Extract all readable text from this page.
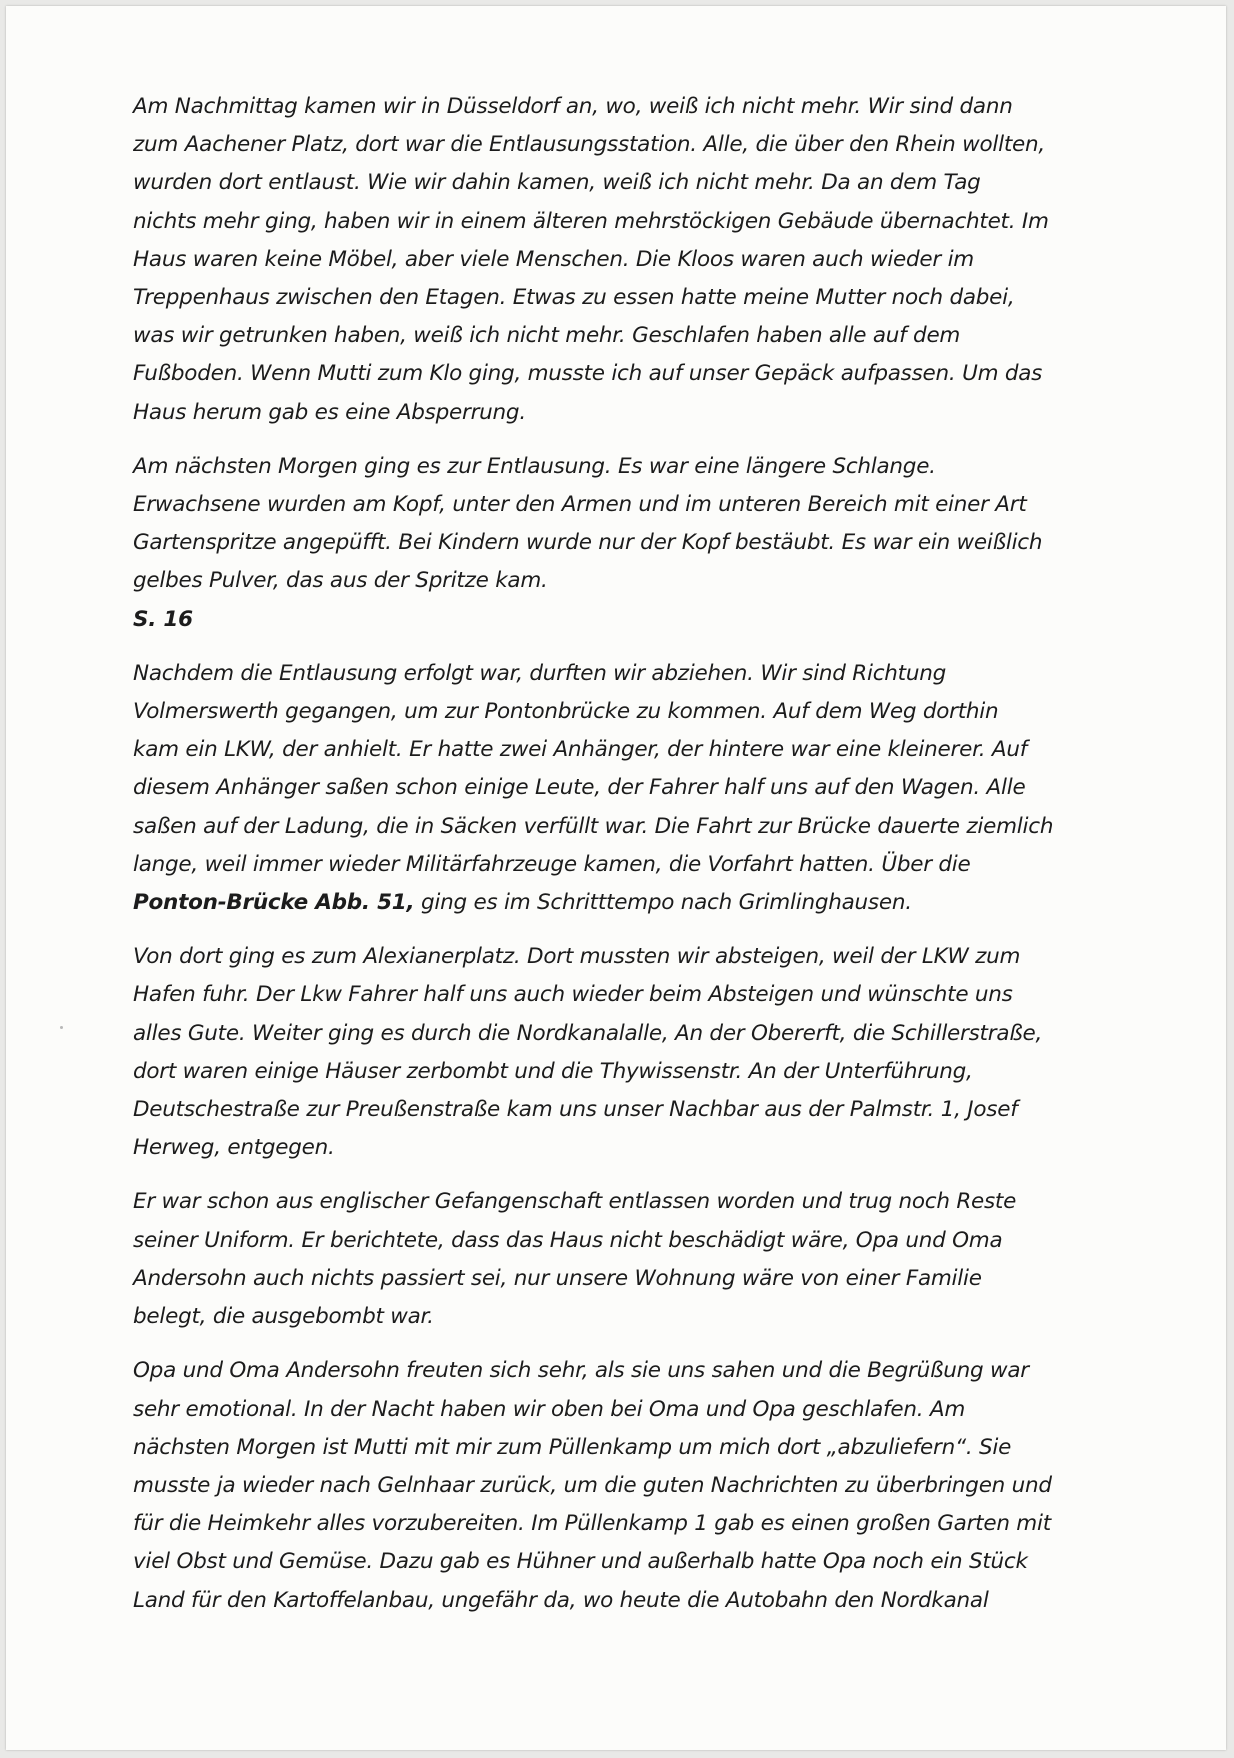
Am Nachmittag kamen wir in Düsseldorf an, wo, weiß ich nicht mehr. Wir sind dann
zum Aachener Platz, dort war die Entlausungsstation. Alle, die über den Rhein wollten,
wurden dort entlaust. Wie wir dahin kamen, weiß ich nicht mehr. Da an dem Tag
nichts mehr ging, haben wir in einem älteren mehrstöckigen Gebäude übernachtet. Im
Haus waren keine Möbel, aber viele Menschen. Die Kloos waren auch wieder im
Treppenhaus zwischen den Etagen. Etwas zu essen hatte meine Mutter noch dabei,
was wir getrunken haben, weiß ich nicht mehr. Geschlafen haben alle auf dem
Fußboden. Wenn Mutti zum Klo ging, musste ich auf unser Gepäck aufpassen. Um das
Haus herum gab es eine Absperrung.
Am nächsten Morgen ging es zur Entlausung. Es war eine längere Schlange.
Erwachsene wurden am Kopf, unter den Armen und im unteren Bereich mit einer Art
Gartenspritze angepüfft. Bei Kindern wurde nur der Kopf bestäubt. Es war ein weißlich
gelbes Pulver, das aus der Spritze kam.
S. 16
Nachdem die Entlausung erfolgt war, durften wir abziehen. Wir sind Richtung
Volmerswerth gegangen, um zur Pontonbrücke zu kommen. Auf dem Weg dorthin
kam ein LKW, der anhielt. Er hatte zwei Anhänger, der hintere war eine kleinerer. Auf
diesem Anhänger saßen schon einige Leute, der Fahrer half uns auf den Wagen. Alle
saßen auf der Ladung, die in Säcken verfüllt war. Die Fahrt zur Brücke dauerte ziemlich
lange, weil immer wieder Militärfahrzeuge kamen, die Vorfahrt hatten. Über die
Ponton-Brücke Abb. 51, ging es im Schritttempo nach Grimlinghausen.
Von dort ging es zum Alexianerplatz. Dort mussten wir absteigen, weil der LKW zum
Hafen fuhr. Der Lkw Fahrer half uns auch wieder beim Absteigen und wünschte uns
alles Gute. Weiter ging es durch die Nordkanalalle, An der Obererft, die Schillerstraße,
dort waren einige Häuser zerbombt und die Thywissenstr. An der Unterführung,
Deutschestraße zur Preußenstraße kam uns unser Nachbar aus der Palmstr. 1, Josef
Herweg, entgegen.
Er war schon aus englischer Gefangenschaft entlassen worden und trug noch Reste
seiner Uniform. Er berichtete, dass das Haus nicht beschädigt wäre, Opa und Oma
Andersohn auch nichts passiert sei, nur unsere Wohnung wäre von einer Familie
belegt, die ausgebombt war.
Opa und Oma Andersohn freuten sich sehr, als sie uns sahen und die Begrüßung war
sehr emotional. In der Nacht haben wir oben bei Oma und Opa geschlafen. Am
nächsten Morgen ist Mutti mit mir zum Püllenkamp um mich dort „abzuliefern“. Sie
musste ja wieder nach Gelnhaar zurück, um die guten Nachrichten zu überbringen und
für die Heimkehr alles vorzubereiten. Im Püllenkamp 1 gab es einen großen Garten mit
viel Obst und Gemüse. Dazu gab es Hühner und außerhalb hatte Opa noch ein Stück
Land für den Kartoffelanbau, ungefähr da, wo heute die Autobahn den Nordkanal
